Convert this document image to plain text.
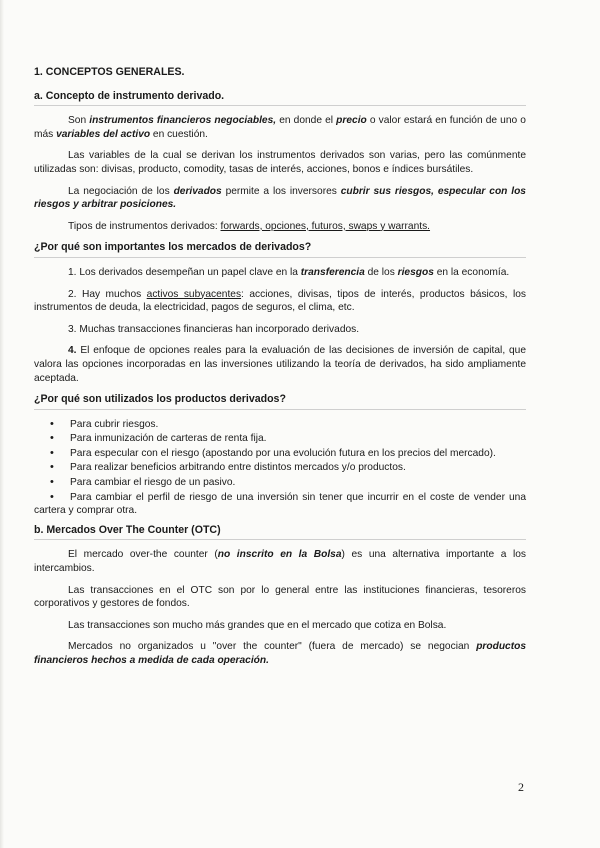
1. CONCEPTOS GENERALES.
a. Concepto de instrumento derivado.

Son instrumentos financieros negociables, en donde el precio o valor estará en función de uno o más variables del activo en cuestión.

Las variables de la cual se derivan los instrumentos derivados son varias, pero las comúnmente utilizadas son: divisas, producto, comodity, tasas de interés, acciones, bonos e índices bursátiles.

La negociación de los derivados permite a los inversores cubrir sus riesgos, especular con los riesgos y arbitrar posiciones.

Tipos de instrumentos derivados: forwards, opciones, futuros, swaps y warrants.

¿Por qué son importantes los mercados de derivados?

1. Los derivados desempeñan un papel clave en la transferencia de los riesgos en la economía.

2. Hay muchos activos subyacentes: acciones, divisas, tipos de interés, productos básicos, los instrumentos de deuda, la electricidad, pagos de seguros, el clima, etc.

3. Muchas transacciones financieras han incorporado derivados.

4. El enfoque de opciones reales para la evaluación de las decisiones de inversión de capital, que valora las opciones incorporadas en las inversiones utilizando la teoría de derivados, ha sido ampliamente aceptada.

¿Por qué son utilizados los productos derivados?
• Para cubrir riesgos.
• Para inmunización de carteras de renta fija.
• Para especular con el riesgo (apostando por una evolución futura en los precios del mercado).
• Para realizar beneficios arbitrando entre distintos mercados y/o productos.
• Para cambiar el riesgo de un pasivo.
• Para cambiar el perfil de riesgo de una inversión sin tener que incurrir en el coste de vender una cartera y comprar otra.
b. Mercados Over The Counter (OTC)

El mercado over-the counter (no inscrito en la Bolsa) es una alternativa importante a los intercambios.

Las transacciones en el OTC son por lo general entre las instituciones financieras, tesoreros corporativos y gestores de fondos.

Las transacciones son mucho más grandes que en el mercado que cotiza en Bolsa.

Mercados no organizados u "over the counter" (fuera de mercado) se negocian productos financieros hechos a medida de cada operación.

2
